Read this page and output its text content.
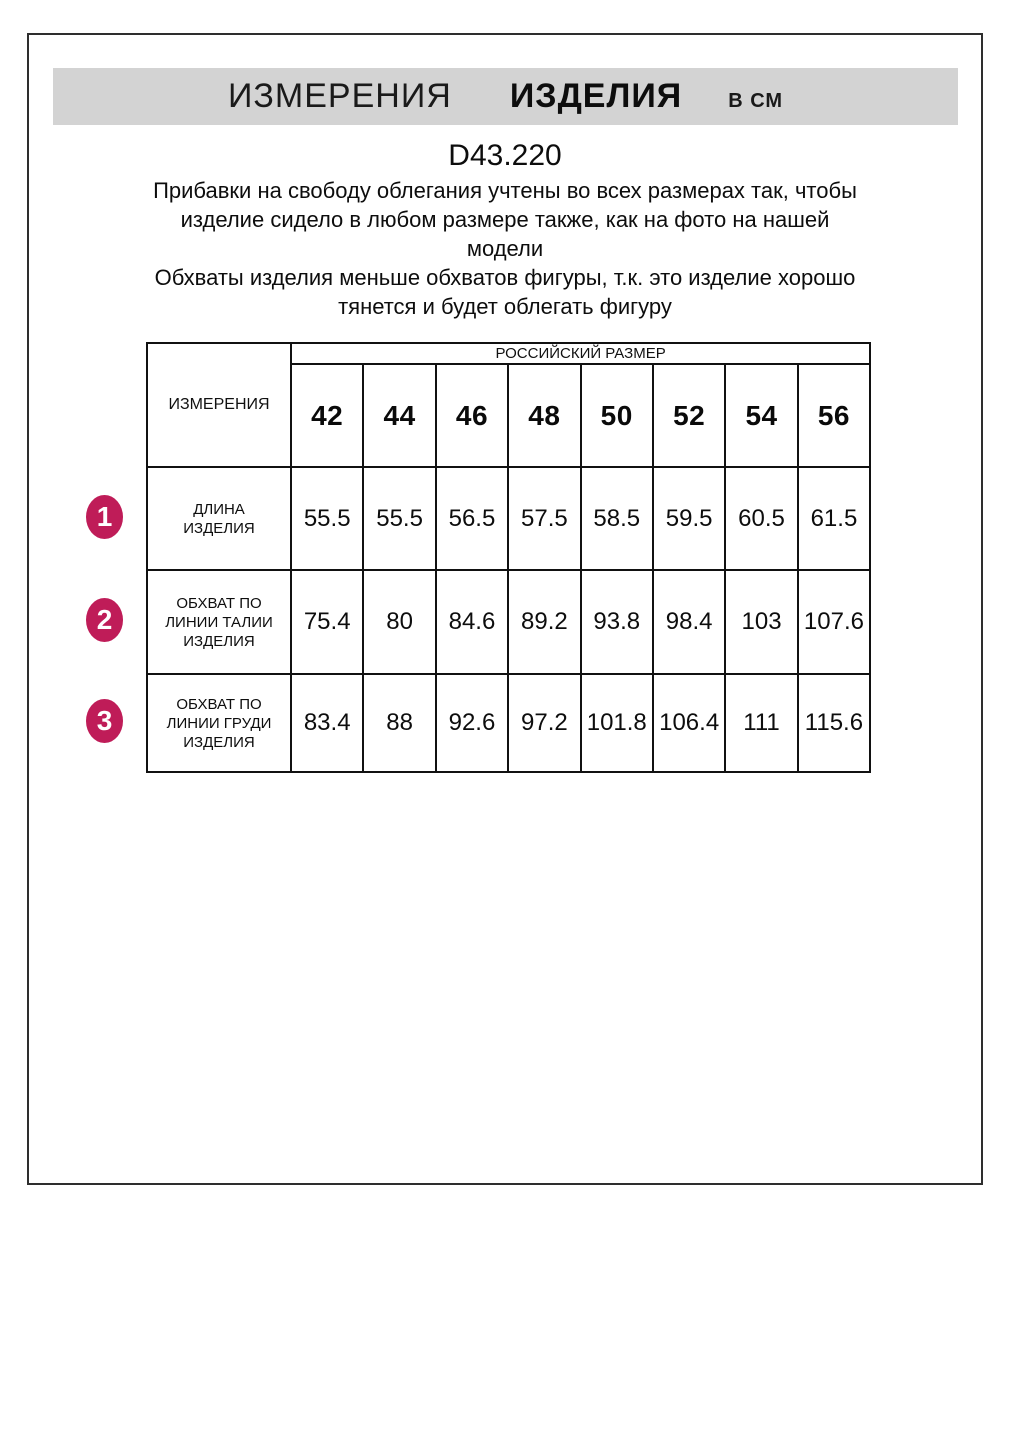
ИЗМЕРЕНИЯ ИЗДЕЛИЯ В СМ
D43.220
Прибавки на свободу облегания учтены во всех размерах так, чтобы
изделие сидело в любом размере также, как на фото на нашей
модели
Обхваты изделия меньше обхватов фигуры, т.к. это изделие хорошо
тянется и будет облегать фигуру
ИЗМЕРЕНИЯ	РОССИЙСКИЙ РАЗМЕР							
	42	44	46	48	50	52	54	56

ДЛИНА
ИЗДЕЛИЯ	55.5	55.5	56.5	57.5	58.5	59.5	60.5	61.5

ОБХВАТ ПО
ЛИНИИ ТАЛИИ
ИЗДЕЛИЯ	75.4	80	84.6	89.2	93.8	98.4	103	107.6

ОБХВАТ ПО
ЛИНИИ ГРУДИ
ИЗДЕЛИЯ	83.4	88	92.6	97.2	101.8	106.4	111	115.6
1
2
3
